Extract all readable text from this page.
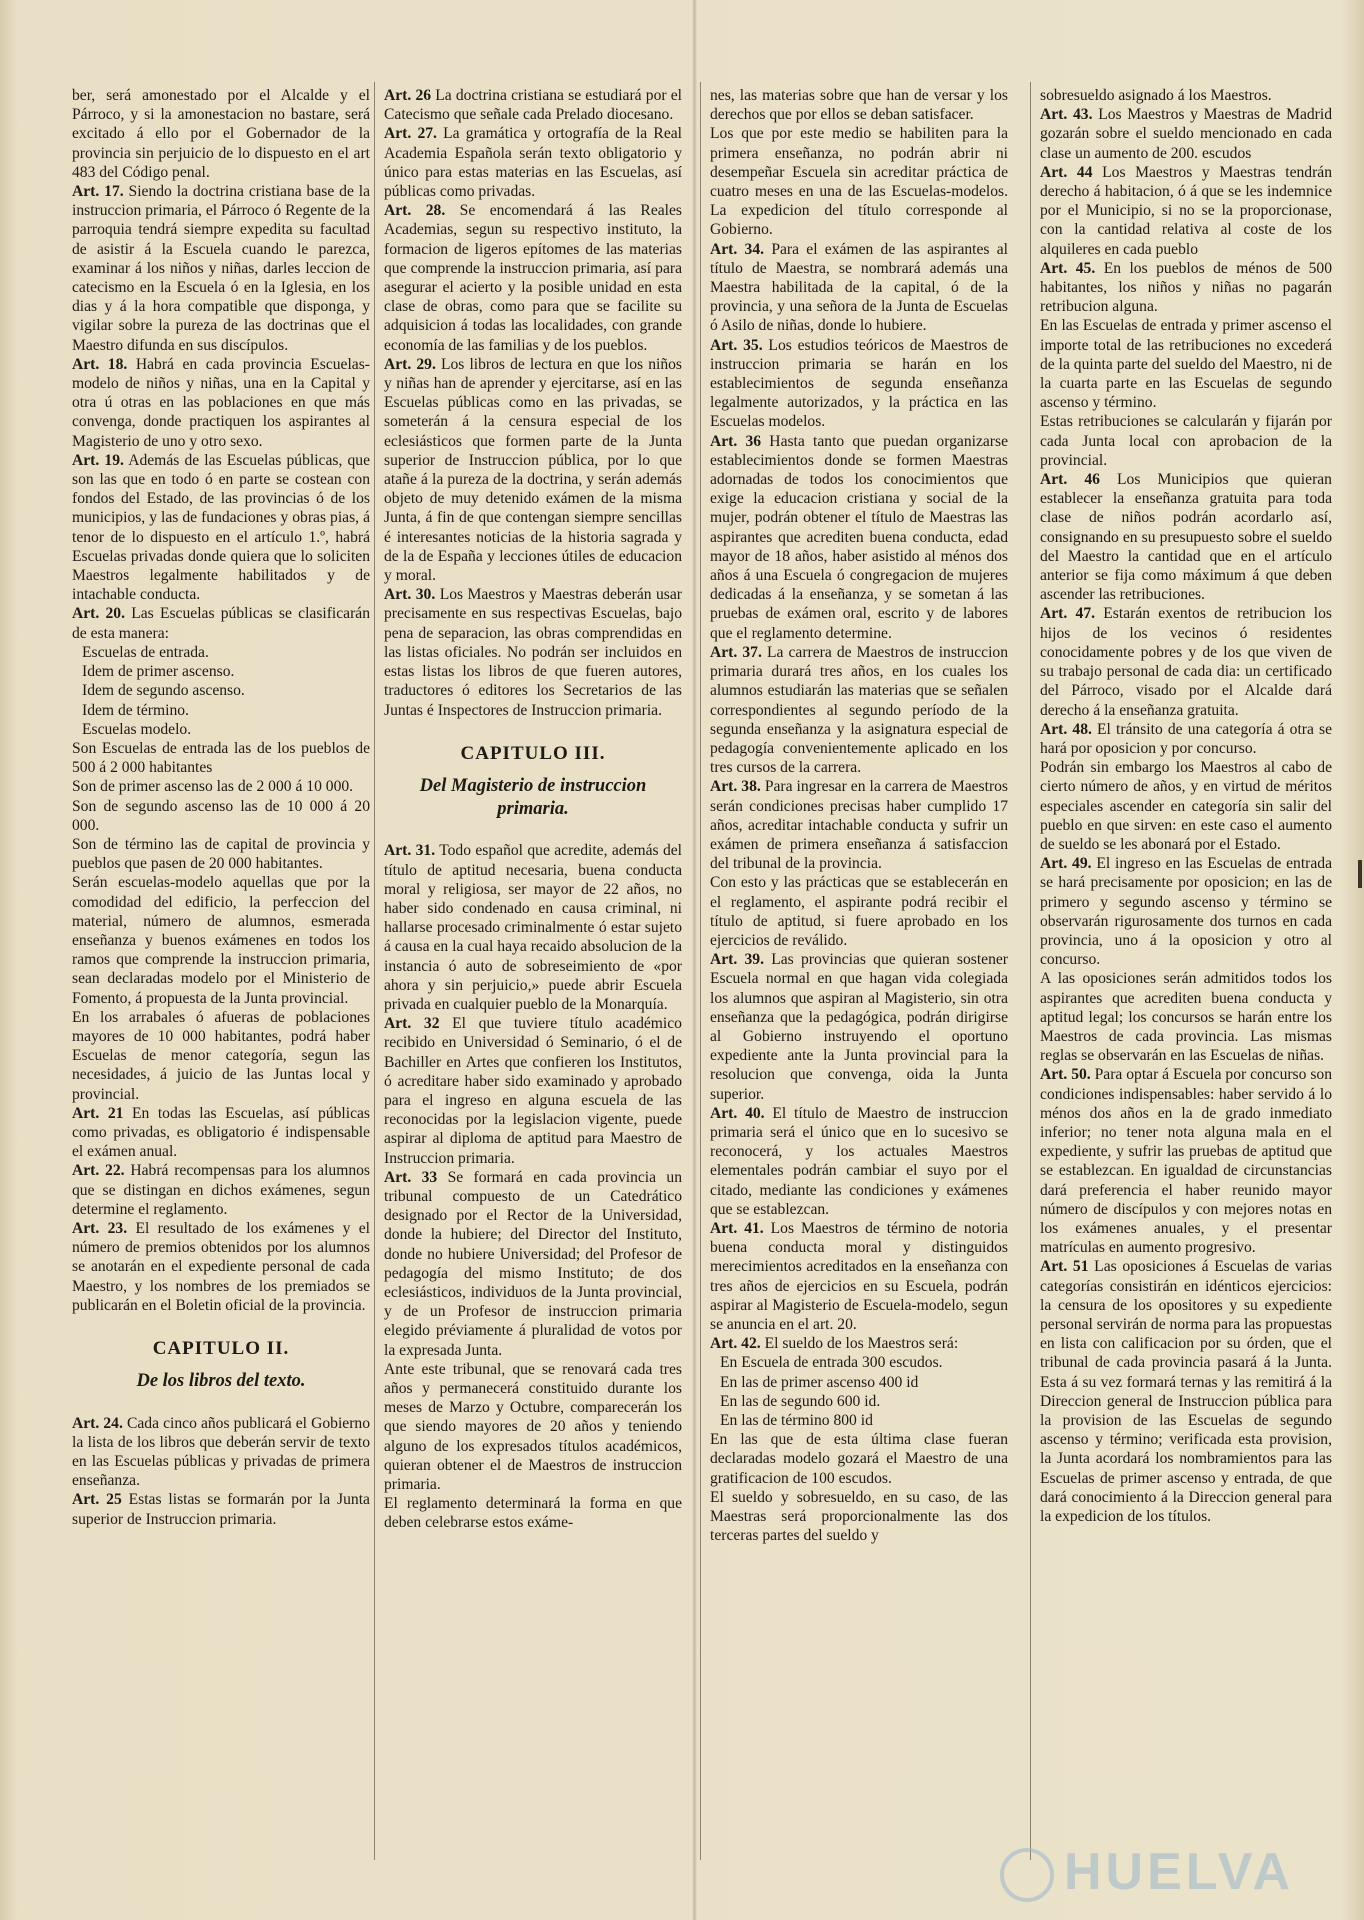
ber, será amonestado por el Alcalde y el Párroco, y si la amonestacion no bastare, será excitado á ello por el Gobernador de la provincia sin perjuicio de lo dispuesto en el art 483 del Código penal.

Art. 17. Siendo la doctrina cristiana base de la instruccion primaria, el Párroco ó Regente de la parroquia tendrá siempre expedita su facultad de asistir á la Escuela cuando le parezca, examinar á los niños y niñas, darles leccion de catecismo en la Escuela ó en la Iglesia, en los dias y á la hora compatible que disponga, y vigilar sobre la pureza de las doctrinas que el Maestro difunda en sus discípulos.

Art. 18. Habrá en cada provincia Escuelas-modelo de niños y niñas, una en la Capital y otra ú otras en las poblaciones en que más convenga, donde practiquen los aspirantes al Magisterio de uno y otro sexo.

Art. 19. Además de las Escuelas públicas, que son las que en todo ó en parte se costean con fondos del Estado, de las provincias ó de los municipios, y las de fundaciones y obras pias, á tenor de lo dispuesto en el artículo 1.º, habrá Escuelas privadas donde quiera que lo soliciten Maestros legalmente habilitados y de intachable conducta.

Art. 20. Las Escuelas públicas se clasificarán de esta manera:

Escuelas de entrada.

Idem de primer ascenso.

Idem de segundo ascenso.

Idem de término.

Escuelas modelo.

Son Escuelas de entrada las de los pueblos de 500 á 2 000 habitantes

Son de primer ascenso las de 2 000 á 10 000.

Son de segundo ascenso las de 10 000 á 20 000.

Son de término las de capital de provincia y pueblos que pasen de 20 000 habitantes.

Serán escuelas-modelo aquellas que por la comodidad del edificio, la perfeccion del material, número de alumnos, esmerada enseñanza y buenos exámenes en todos los ramos que comprende la instruccion primaria, sean declaradas modelo por el Ministerio de Fomento, á propuesta de la Junta provincial.

En los arrabales ó afueras de poblaciones mayores de 10 000 habitantes, podrá haber Escuelas de menor categoría, segun las necesidades, á juicio de las Juntas local y provincial.

Art. 21 En todas las Escuelas, así públicas como privadas, es obligatorio é indispensable el exámen anual.

Art. 22. Habrá recompensas para los alumnos que se distingan en dichos exámenes, segun determine el reglamento.

Art. 23. El resultado de los exámenes y el número de premios obtenidos por los alumnos se anotarán en el expediente personal de cada Maestro, y los nombres de los premiados se publicarán en el Boletin oficial de la provincia.

CAPITULO II.

De los libros del texto.

Art. 24. Cada cinco años publicará el Gobierno la lista de los libros que deberán servir de texto en las Escuelas públicas y privadas de primera enseñanza.

Art. 25 Estas listas se formarán por la Junta superior de Instruccion primaria.

Art. 26 La doctrina cristiana se estudiará por el Catecismo que señale cada Prelado diocesano.

Art. 27. La gramática y ortografía de la Real Academia Española serán texto obligatorio y único para estas materias en las Escuelas, así públicas como privadas.

Art. 28. Se encomendará á las Reales Academias, segun su respectivo instituto, la formacion de ligeros epítomes de las materias que comprende la instruccion primaria, así para asegurar el acierto y la posible unidad en esta clase de obras, como para que se facilite su adquisicion á todas las localidades, con grande economía de las familias y de los pueblos.

Art. 29. Los libros de lectura en que los niños y niñas han de aprender y ejercitarse, así en las Escuelas públicas como en las privadas, se someterán á la censura especial de los eclesiásticos que formen parte de la Junta superior de Instruccion pública, por lo que atañe á la pureza de la doctrina, y serán además objeto de muy detenido exámen de la misma Junta, á fin de que contengan siempre sencillas é interesantes noticias de la historia sagrada y de la de España y lecciones útiles de educacion y moral.

Art. 30. Los Maestros y Maestras deberán usar precisamente en sus respectivas Escuelas, bajo pena de separacion, las obras comprendidas en las listas oficiales. No podrán ser incluidos en estas listas los libros de que fueren autores, traductores ó editores los Secretarios de las Juntas é Inspectores de Instruccion primaria.

CAPITULO III.

Del Magisterio de instruccion primaria.

Art. 31. Todo español que acredite, además del título de aptitud necesaria, buena conducta moral y religiosa, ser mayor de 22 años, no haber sido condenado en causa criminal, ni hallarse procesado criminalmente ó estar sujeto á causa en la cual haya recaido absolucion de la instancia ó auto de sobreseimiento de «por ahora y sin perjuicio,» puede abrir Escuela privada en cualquier pueblo de la Monarquía.

Art. 32 El que tuviere título académico recibido en Universidad ó Seminario, ó el de Bachiller en Artes que confieren los Institutos, ó acreditare haber sido examinado y aprobado para el ingreso en alguna escuela de las reconocidas por la legislacion vigente, puede aspirar al diploma de aptitud para Maestro de Instruccion primaria.

Art. 33 Se formará en cada provincia un tribunal compuesto de un Catedrático designado por el Rector de la Universidad, donde la hubiere; del Director del Instituto, donde no hubiere Universidad; del Profesor de pedagogía del mismo Instituto; de dos eclesiásticos, individuos de la Junta provincial, y de un Profesor de instruccion primaria elegido préviamente á pluralidad de votos por la expresada Junta.

Ante este tribunal, que se renovará cada tres años y permanecerá constituido durante los meses de Marzo y Octubre, comparecerán los que siendo mayores de 20 años y teniendo alguno de los expresados títulos académicos, quieran obtener el de Maestros de instruccion primaria.

El reglamento determinará la forma en que deben celebrarse estos exáme-

nes, las materias sobre que han de versar y los derechos que por ellos se deban satisfacer.

Los que por este medio se habiliten para la primera enseñanza, no podrán abrir ni desempeñar Escuela sin acreditar práctica de cuatro meses en una de las Escuelas-modelos. La expedicion del título corresponde al Gobierno.

Art. 34. Para el exámen de las aspirantes al título de Maestra, se nombrará además una Maestra habilitada de la capital, ó de la provincia, y una señora de la Junta de Escuelas ó Asilo de niñas, donde lo hubiere.

Art. 35. Los estudios teóricos de Maestros de instruccion primaria se harán en los establecimientos de segunda enseñanza legalmente autorizados, y la práctica en las Escuelas modelos.

Art. 36 Hasta tanto que puedan organizarse establecimientos donde se formen Maestras adornadas de todos los conocimientos que exige la educacion cristiana y social de la mujer, podrán obtener el título de Maestras las aspirantes que acrediten buena conducta, edad mayor de 18 años, haber asistido al ménos dos años á una Escuela ó congregacion de mujeres dedicadas á la enseñanza, y se sometan á las pruebas de exámen oral, escrito y de labores que el reglamento determine.

Art. 37. La carrera de Maestros de instruccion primaria durará tres años, en los cuales los alumnos estudiarán las materias que se señalen correspondientes al segundo período de la segunda enseñanza y la asignatura especial de pedagogía convenientemente aplicado en los tres cursos de la carrera.

Art. 38. Para ingresar en la carrera de Maestros serán condiciones precisas haber cumplido 17 años, acreditar intachable conducta y sufrir un exámen de primera enseñanza á satisfaccion del tribunal de la provincia.

Con esto y las prácticas que se establecerán en el reglamento, el aspirante podrá recibir el título de aptitud, si fuere aprobado en los ejercicios de reválido.

Art. 39. Las provincias que quieran sostener Escuela normal en que hagan vida colegiada los alumnos que aspiran al Magisterio, sin otra enseñanza que la pedagógica, podrán dirigirse al Gobierno instruyendo el oportuno expediente ante la Junta provincial para la resolucion que convenga, oida la Junta superior.

Art. 40. El título de Maestro de instruccion primaria será el único que en lo sucesivo se reconocerá, y los actuales Maestros elementales podrán cambiar el suyo por el citado, mediante las condiciones y exámenes que se establezcan.

Art. 41. Los Maestros de término de notoria buena conducta moral y distinguidos merecimientos acreditados en la enseñanza con tres años de ejercicios en su Escuela, podrán aspirar al Magisterio de Escuela-modelo, segun se anuncia en el art. 20.

Art. 42. El sueldo de los Maestros será:

En Escuela de entrada 300 escudos.

En las de primer ascenso 400 id

En las de segundo 600 id.

En las de término 800 id

En las que de esta última clase fueran declaradas modelo gozará el Maestro de una gratificacion de 100 escudos.

El sueldo y sobresueldo, en su caso, de las Maestras será proporcionalmente las dos terceras partes del sueldo y

sobresueldo asignado á los Maestros.

Art. 43. Los Maestros y Maestras de Madrid gozarán sobre el sueldo mencionado en cada clase un aumento de 200. escudos

Art. 44 Los Maestros y Maestras tendrán derecho á habitacion, ó á que se les indemnice por el Municipio, si no se la proporcionase, con la cantidad relativa al coste de los alquileres en cada pueblo

Art. 45. En los pueblos de ménos de 500 habitantes, los niños y niñas no pagarán retribucion alguna.

En las Escuelas de entrada y primer ascenso el importe total de las retribuciones no excederá de la quinta parte del sueldo del Maestro, ni de la cuarta parte en las Escuelas de segundo ascenso y término.

Estas retribuciones se calcularán y fijarán por cada Junta local con aprobacion de la provincial.

Art. 46 Los Municipios que quieran establecer la enseñanza gratuita para toda clase de niños podrán acordarlo así, consignando en su presupuesto sobre el sueldo del Maestro la cantidad que en el artículo anterior se fija como máximum á que deben ascender las retribuciones.

Art. 47. Estarán exentos de retribucion los hijos de los vecinos ó residentes conocidamente pobres y de los que viven de su trabajo personal de cada dia: un certificado del Párroco, visado por el Alcalde dará derecho á la enseñanza gratuita.

Art. 48. El tránsito de una categoría á otra se hará por oposicion y por concurso.

Podrán sin embargo los Maestros al cabo de cierto número de años, y en virtud de méritos especiales ascender en categoría sin salir del pueblo en que sirven: en este caso el aumento de sueldo se les abonará por el Estado.

Art. 49. El ingreso en las Escuelas de entrada se hará precisamente por oposicion; en las de primero y segundo ascenso y término se observarán rigurosamente dos turnos en cada provincia, uno á la oposicion y otro al concurso.

A las oposiciones serán admitidos todos los aspirantes que acrediten buena conducta y aptitud legal; los concursos se harán entre los Maestros de cada provincia. Las mismas reglas se observarán en las Escuelas de niñas.

Art. 50. Para optar á Escuela por concurso son condiciones indispensables: haber servido á lo ménos dos años en la de grado inmediato inferior; no tener nota alguna mala en el expediente, y sufrir las pruebas de aptitud que se establezcan. En igualdad de circunstancias dará preferencia el haber reunido mayor número de discípulos y con mejores notas en los exámenes anuales, y el presentar matrículas en aumento progresivo.

Art. 51 Las oposiciones á Escuelas de varias categorías consistirán en idénticos ejercicios: la censura de los opositores y su expediente personal servirán de norma para las propuestas en lista con calificacion por su órden, que el tribunal de cada provincia pasará á la Junta. Esta á su vez formará ternas y las remitirá á la Direccion general de Instruccion pública para la provision de las Escuelas de segundo ascenso y término; verificada esta provision, la Junta acordará los nombramientos para las Escuelas de primer ascenso y entrada, de que dará conocimiento á la Direccion general para la expedicion de los títulos.

HUELVA
